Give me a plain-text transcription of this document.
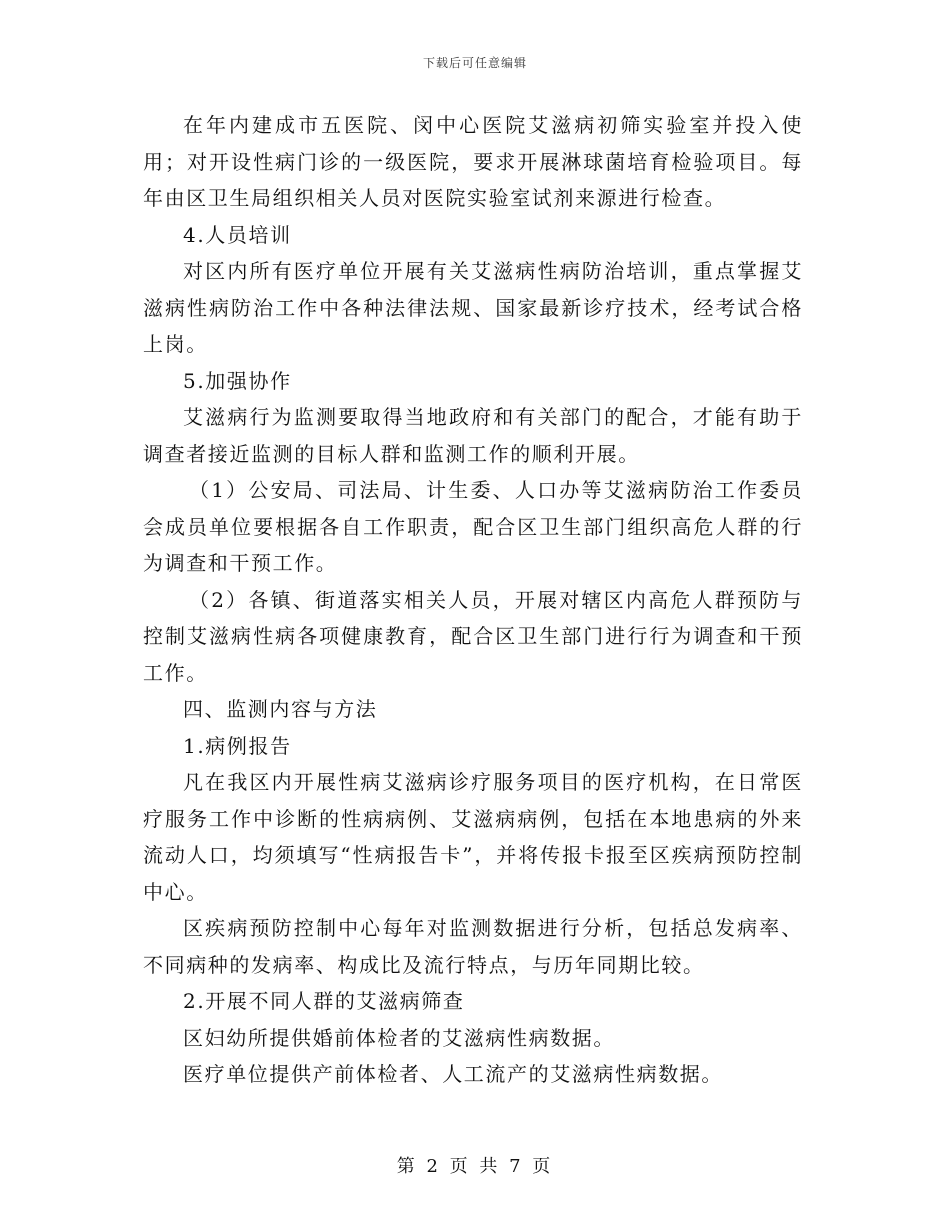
下载后可任意编辑

在年内建成市五医院、闵中心医院艾滋病初筛实验室并投入使用；对开设性病门诊的一级医院，要求开展淋球菌培育检验项目。每年由区卫生局组织相关人员对医院实验室试剂来源进行检查。

4.人员培训

对区内所有医疗单位开展有关艾滋病性病防治培训，重点掌握艾滋病性病防治工作中各种法律法规、国家最新诊疗技术，经考试合格上岗。

5.加强协作

艾滋病行为监测要取得当地政府和有关部门的配合，才能有助于调查者接近监测的目标人群和监测工作的顺利开展。

（1）公安局、司法局、计生委、人口办等艾滋病防治工作委员会成员单位要根据各自工作职责，配合区卫生部门组织高危人群的行为调查和干预工作。

（2）各镇、街道落实相关人员，开展对辖区内高危人群预防与控制艾滋病性病各项健康教育，配合区卫生部门进行行为调查和干预工作。

四、监测内容与方法

1.病例报告

凡在我区内开展性病艾滋病诊疗服务项目的医疗机构，在日常医疗服务工作中诊断的性病病例、艾滋病病例，包括在本地患病的外来流动人口，均须填写“性病报告卡”，并将传报卡报至区疾病预防控制中心。

区疾病预防控制中心每年对监测数据进行分析，包括总发病率、不同病种的发病率、构成比及流行特点，与历年同期比较。

2.开展不同人群的艾滋病筛查

区妇幼所提供婚前体检者的艾滋病性病数据。

医疗单位提供产前体检者、人工流产的艾滋病性病数据。

第 2 页 共 7 页
